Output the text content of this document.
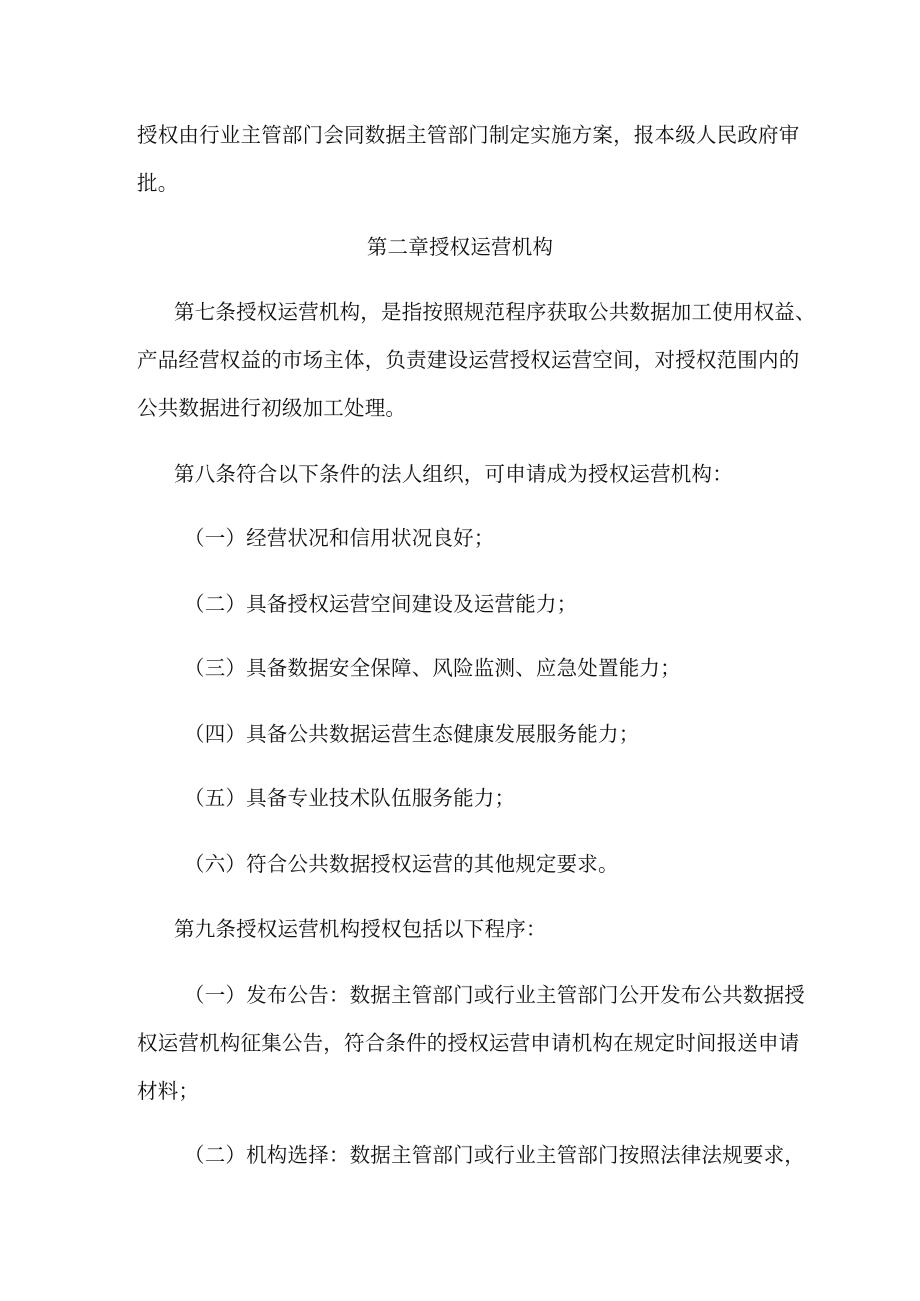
授权由行业主管部门会同数据主管部门制定实施方案，报本级人民政府审
批。
第二章授权运营机构
第七条授权运营机构，是指按照规范程序获取公共数据加工使用权益、
产品经营权益的市场主体，负责建设运营授权运营空间，对授权范围内的
公共数据进行初级加工处理。
第八条符合以下条件的法人组织，可申请成为授权运营机构：
（一）经营状况和信用状况良好；
（二）具备授权运营空间建设及运营能力；
（三）具备数据安全保障、风险监测、应急处置能力；
（四）具备公共数据运营生态健康发展服务能力；
（五）具备专业技术队伍服务能力；
（六）符合公共数据授权运营的其他规定要求。
第九条授权运营机构授权包括以下程序：
（一）发布公告：数据主管部门或行业主管部门公开发布公共数据授
权运营机构征集公告，符合条件的授权运营申请机构在规定时间报送申请
材料；
（二）机构选择：数据主管部门或行业主管部门按照法律法规要求，
